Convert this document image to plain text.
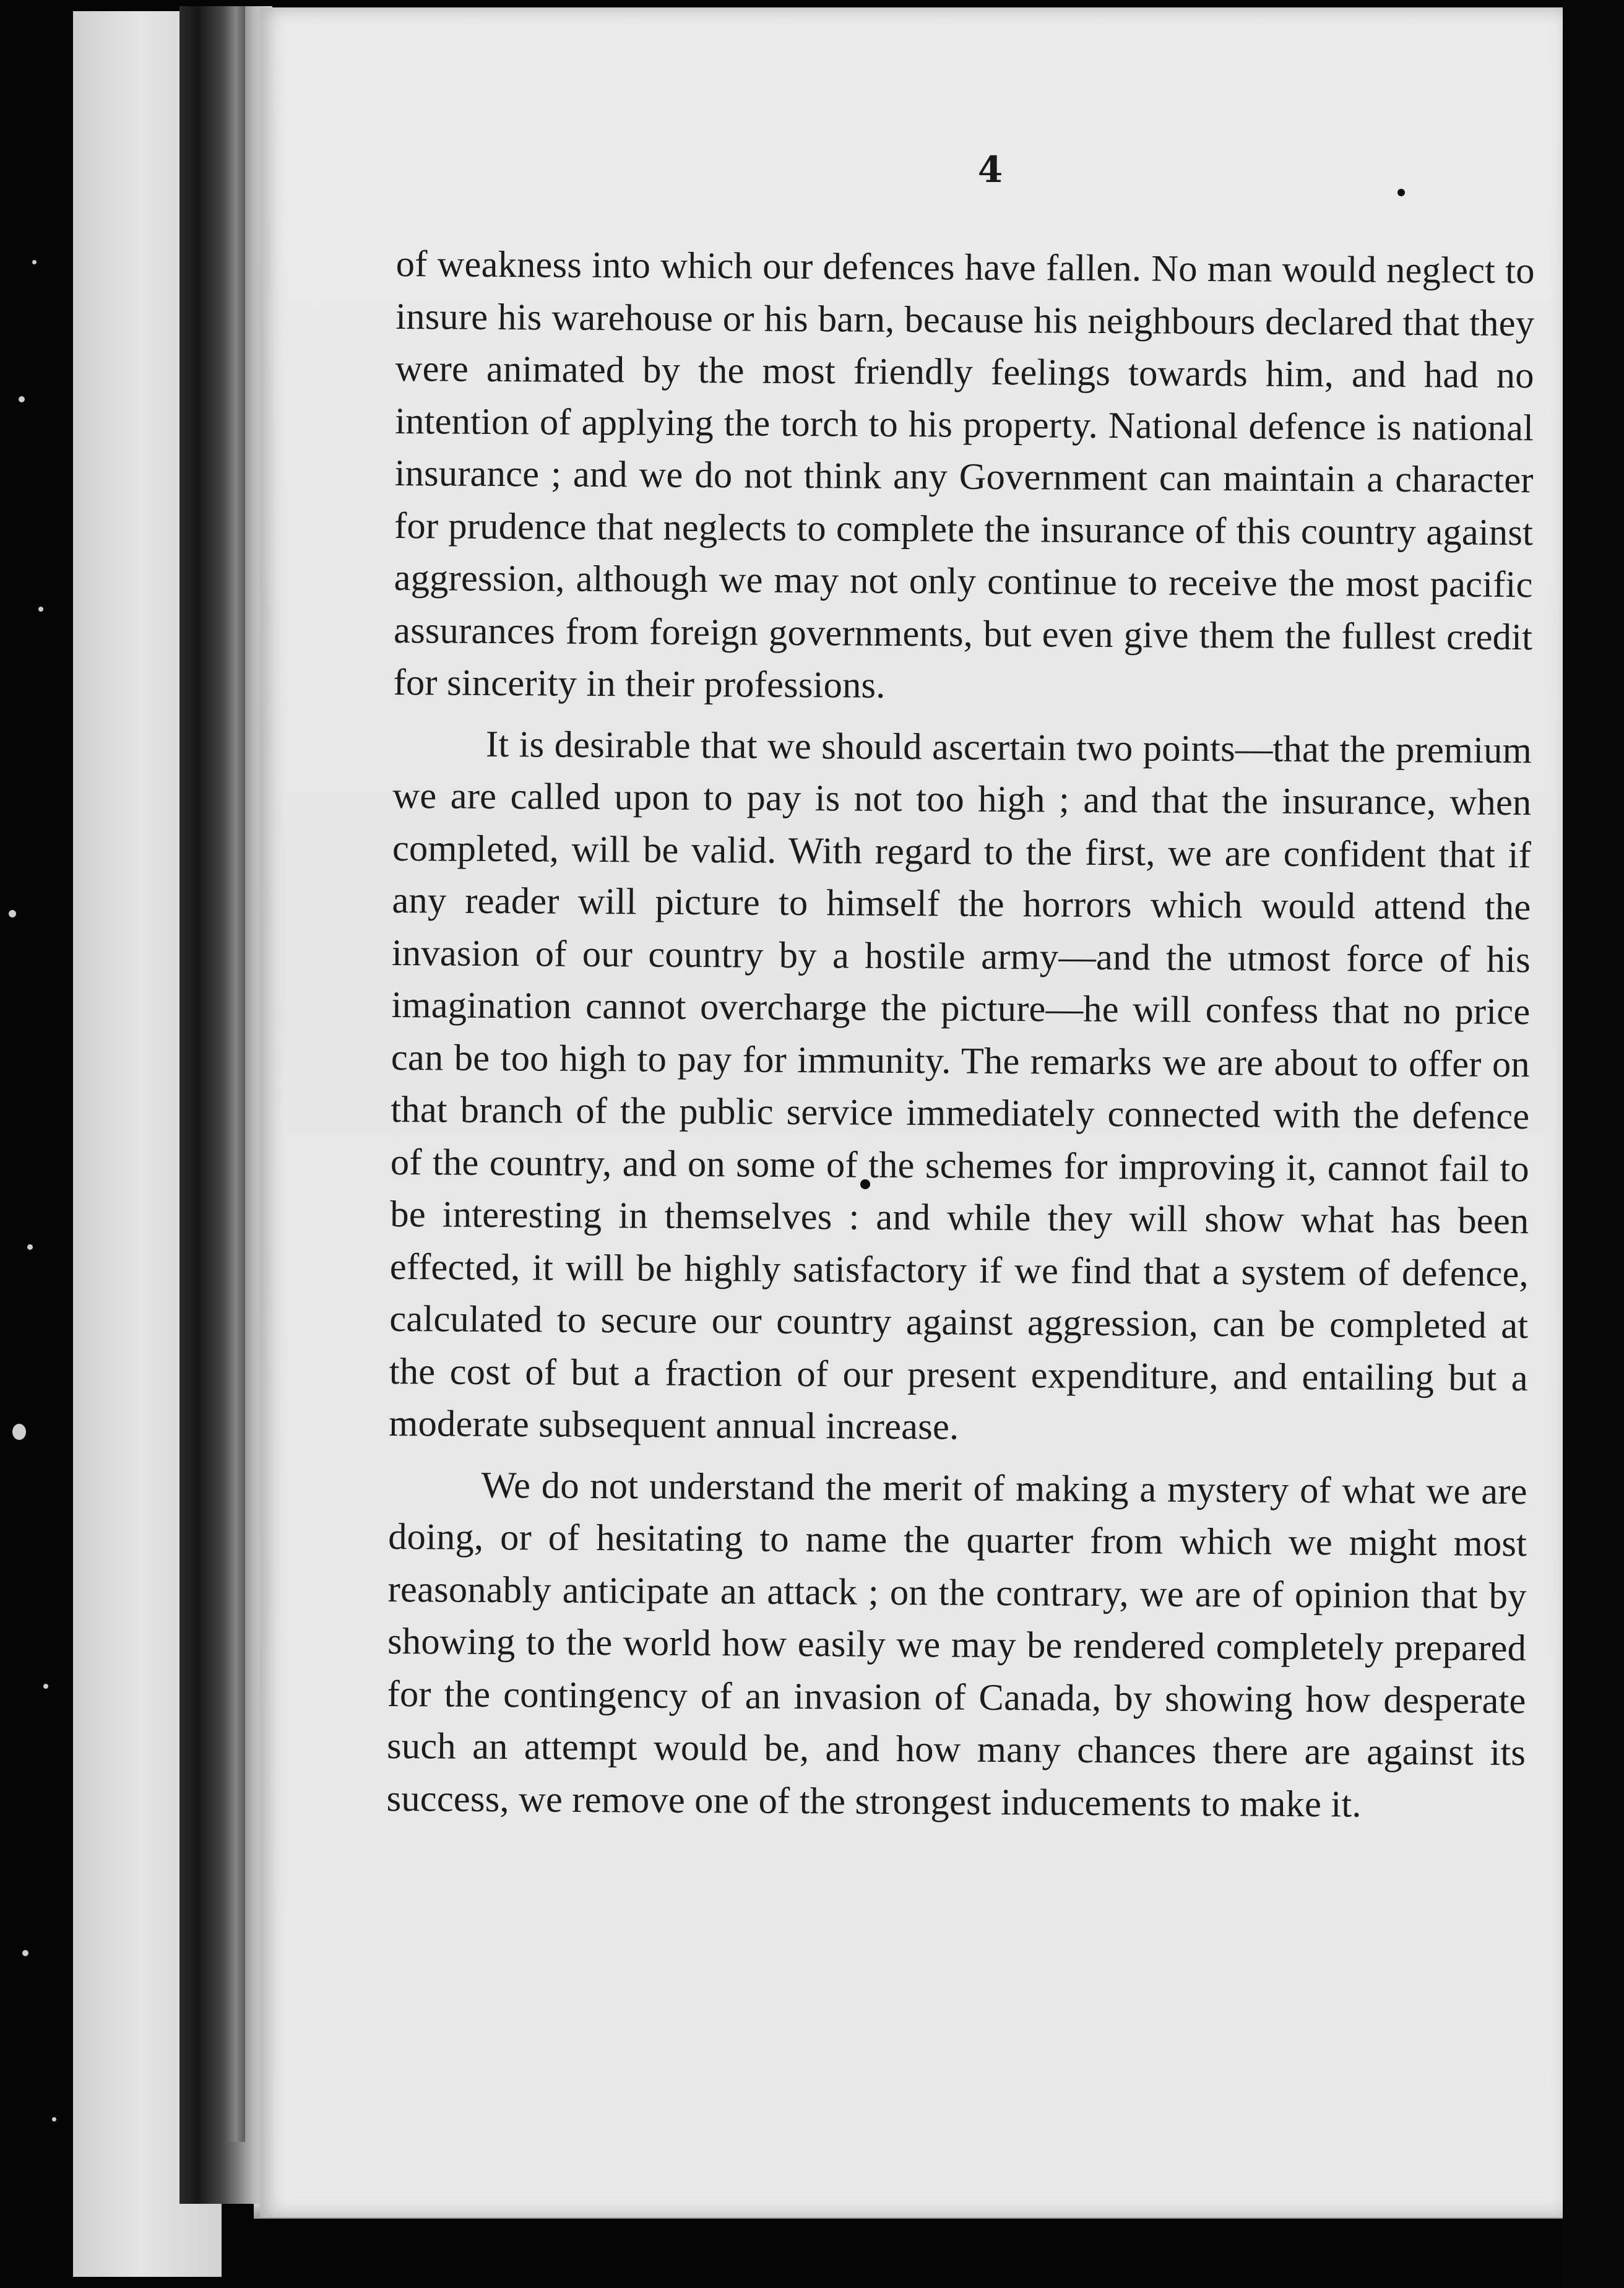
4

of weakness into which our defences have fallen. No man would neglect to insure his warehouse or his barn, because his neighbours declared that they were animated by the most friendly feelings towards him, and had no intention of applying the torch to his property. National defence is national insurance ; and we do not think any Government can maintain a character for prudence that neglects to complete the insurance of this country against aggression, although we may not only continue to receive the most pacific assurances from foreign governments, but even give them the fullest credit for sincerity in their professions.

It is desirable that we should ascertain two points—that the premium we are called upon to pay is not too high ; and that the insurance, when completed, will be valid. With regard to the first, we are confident that if any reader will picture to himself the horrors which would attend the invasion of our country by a hostile army—and the utmost force of his imagination cannot overcharge the picture—he will confess that no price can be too high to pay for immunity. The remarks we are about to offer on that branch of the public service immediately connected with the defence of the country, and on some of the schemes for improving it, cannot fail to be interesting in themselves : and while they will show what has been effected, it will be highly satisfactory if we find that a system of defence, calculated to secure our country against aggression, can be completed at the cost of but a fraction of our present expenditure, and entailing but a moderate subsequent annual increase.

We do not understand the merit of making a mystery of what we are doing, or of hesitating to name the quarter from which we might most reasonably anticipate an attack ; on the contrary, we are of opinion that by showing to the world how easily we may be rendered completely prepared for the contingency of an invasion of Canada, by showing how desperate such an attempt would be, and how many chances there are against its success, we remove one of the strongest inducements to make it.
